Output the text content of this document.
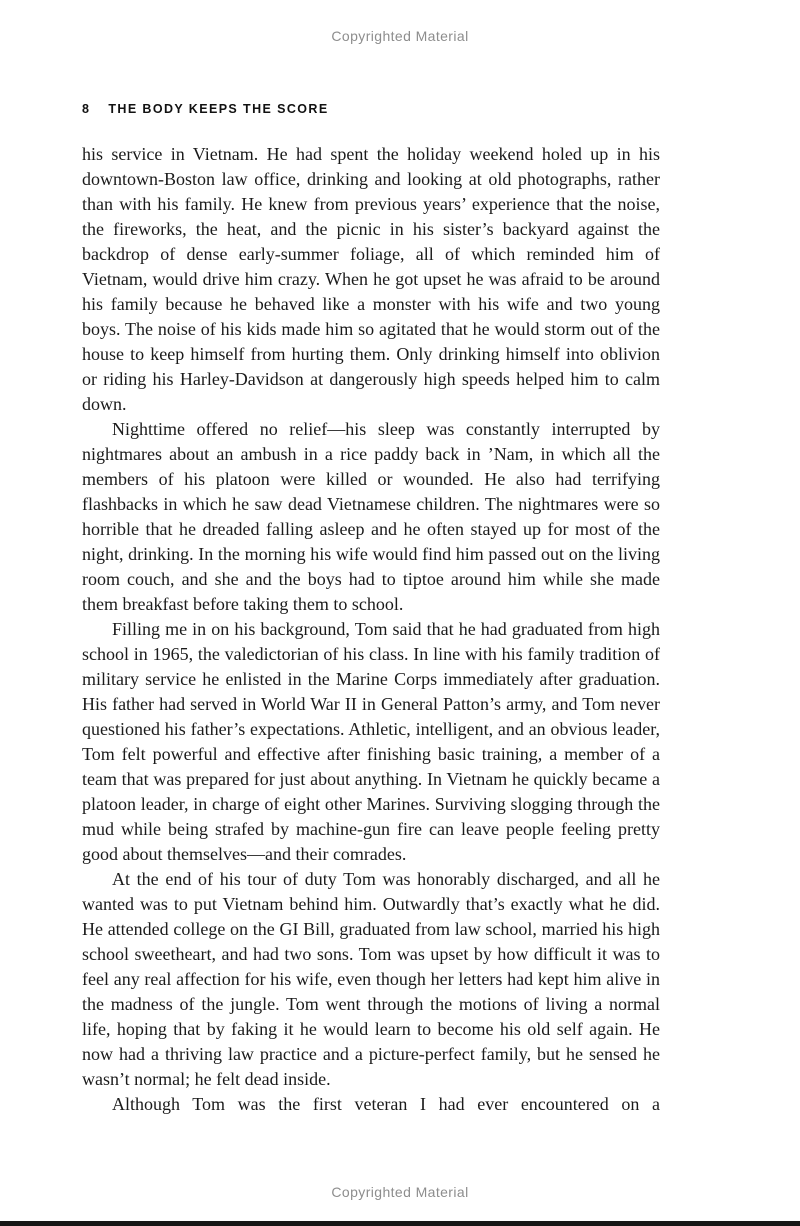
Copyrighted Material
8 THE BODY KEEPS THE SCORE

his service in Vietnam. He had spent the holiday weekend holed up in his downtown-Boston law office, drinking and looking at old photographs, rather than with his family. He knew from previous years’ experience that the noise, the fireworks, the heat, and the picnic in his sister’s backyard against the backdrop of dense early-summer foliage, all of which reminded him of Vietnam, would drive him crazy. When he got upset he was afraid to be around his family because he behaved like a monster with his wife and two young boys. The noise of his kids made him so agitated that he would storm out of the house to keep himself from hurting them. Only drinking himself into oblivion or riding his Harley-Davidson at dangerously high speeds helped him to calm down.

Nighttime offered no relief—his sleep was constantly interrupted by nightmares about an ambush in a rice paddy back in ’Nam, in which all the members of his platoon were killed or wounded. He also had terrifying flashbacks in which he saw dead Vietnamese children. The nightmares were so horrible that he dreaded falling asleep and he often stayed up for most of the night, drinking. In the morning his wife would find him passed out on the living room couch, and she and the boys had to tiptoe around him while she made them breakfast before taking them to school.

Filling me in on his background, Tom said that he had graduated from high school in 1965, the valedictorian of his class. In line with his family tradition of military service he enlisted in the Marine Corps immediately after graduation. His father had served in World War II in General Patton’s army, and Tom never questioned his father’s expectations. Athletic, intelligent, and an obvious leader, Tom felt powerful and effective after finishing basic training, a member of a team that was prepared for just about anything. In Vietnam he quickly became a platoon leader, in charge of eight other Marines. Surviving slogging through the mud while being strafed by machine-gun fire can leave people feeling pretty good about themselves—and their comrades.

At the end of his tour of duty Tom was honorably discharged, and all he wanted was to put Vietnam behind him. Outwardly that’s exactly what he did. He attended college on the GI Bill, graduated from law school, married his high school sweetheart, and had two sons. Tom was upset by how difficult it was to feel any real affection for his wife, even though her letters had kept him alive in the madness of the jungle. Tom went through the motions of living a normal life, hoping that by faking it he would learn to become his old self again. He now had a thriving law practice and a picture-perfect family, but he sensed he wasn’t normal; he felt dead inside.

Although Tom was the first veteran I had ever encountered on a

Copyrighted Material
